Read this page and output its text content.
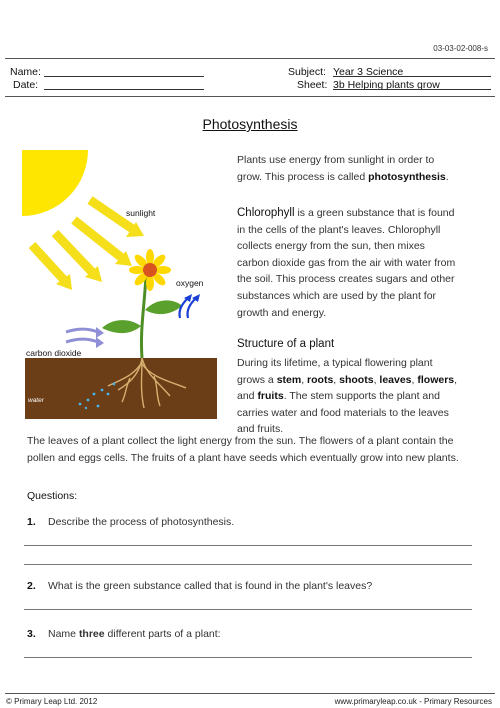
03-03-02-008-s
Name:
Date:
Subject: Year 3 Science
Sheet: 3b Helping plants grow
Photosynthesis
sunlight
water
oxygen
carbon dioxide
Plants use energy from sunlight in order to grow. This process is called photosynthesis.
Chlorophyll is a green substance that is found in the cells of the plant's leaves. Chlorophyll collects energy from the sun, then mixes carbon dioxide gas from the air with water from the soil. This process creates sugars and other substances which are used by the plant for growth and energy.
Structure of a plant
During its lifetime, a typical flowering plant grows a stem, roots, shoots, leaves, flowers, and fruits. The stem supports the plant and carries water and food materials to the leaves and fruits.
The leaves of a plant collect the light energy from the sun. The flowers of a plant contain the pollen and eggs cells. The fruits of a plant have seeds which eventually grow into new plants.
Questions:
1. Describe the process of photosynthesis.
2. What is the green substance called that is found in the plant's leaves?
3. Name three different parts of a plant:
© Primary Leap Ltd. 2012	www.primaryleap.co.uk - Primary Resources
